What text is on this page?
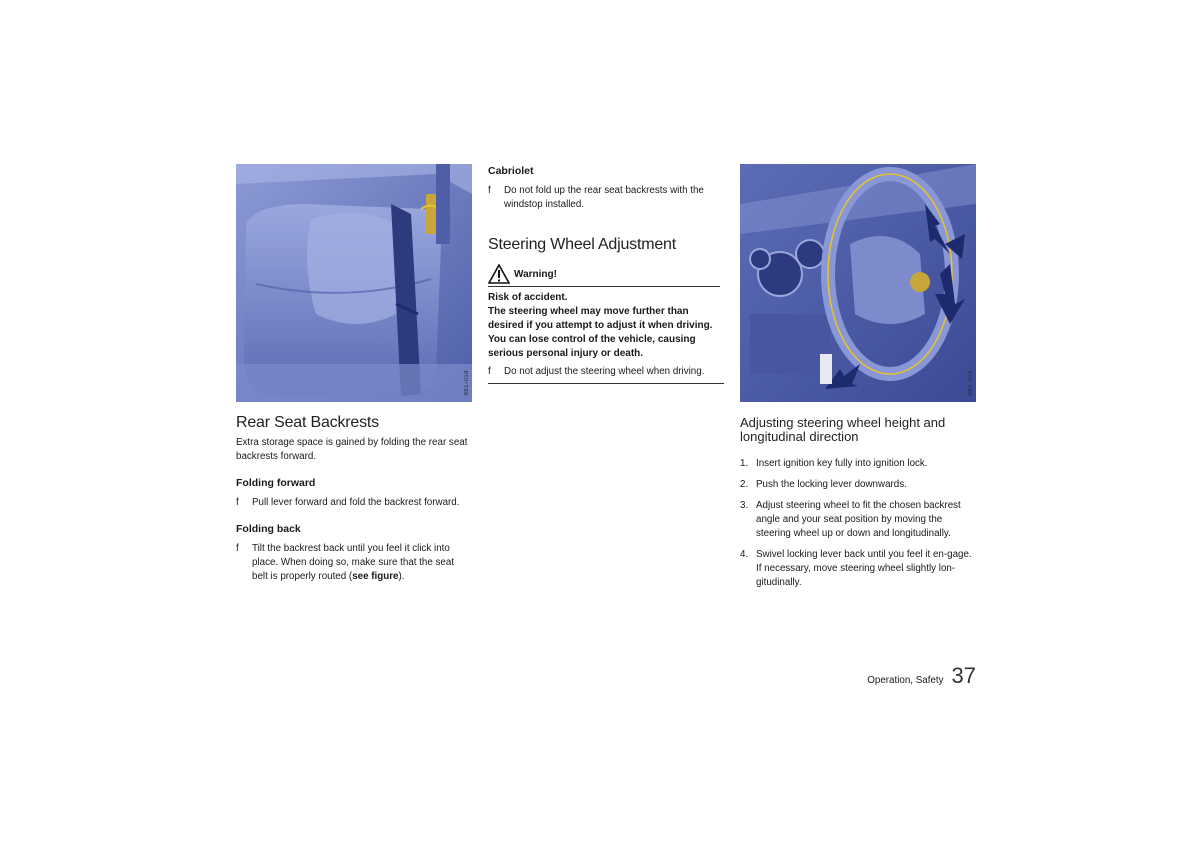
881-018
Rear Seat Backrests

Extra storage space is gained by folding the rear seat backrests forward.

Folding forward

f Pull lever forward and fold the backrest forward.

Folding back

f Tilt the backrest back until you feel it click into place. When doing so, make sure that the seat belt is properly routed (see figure).

Cabriolet

f Do not fold up the rear seat backrests with the windstop installed.

Steering Wheel Adjustment
Warning!
Risk of accident.
The steering wheel may move further than desired if you attempt to adjust it when driving.
You can lose control of the vehicle, causing serious personal injury or death.

f Do not adjust the steering wheel when driving.	881-019
Adjusting steering wheel height and longitudinal direction
1. Insert ignition key fully into ignition lock.
2. Push the locking lever downwards.
3. Adjust steering wheel to fit the chosen backrest angle and your seat position by moving the steering wheel up or down and longitudinally.
4. Swivel locking lever back until you feel it en-gage.
If necessary, move steering wheel slightly lon-gitudinally.
Operation, Safety 37
